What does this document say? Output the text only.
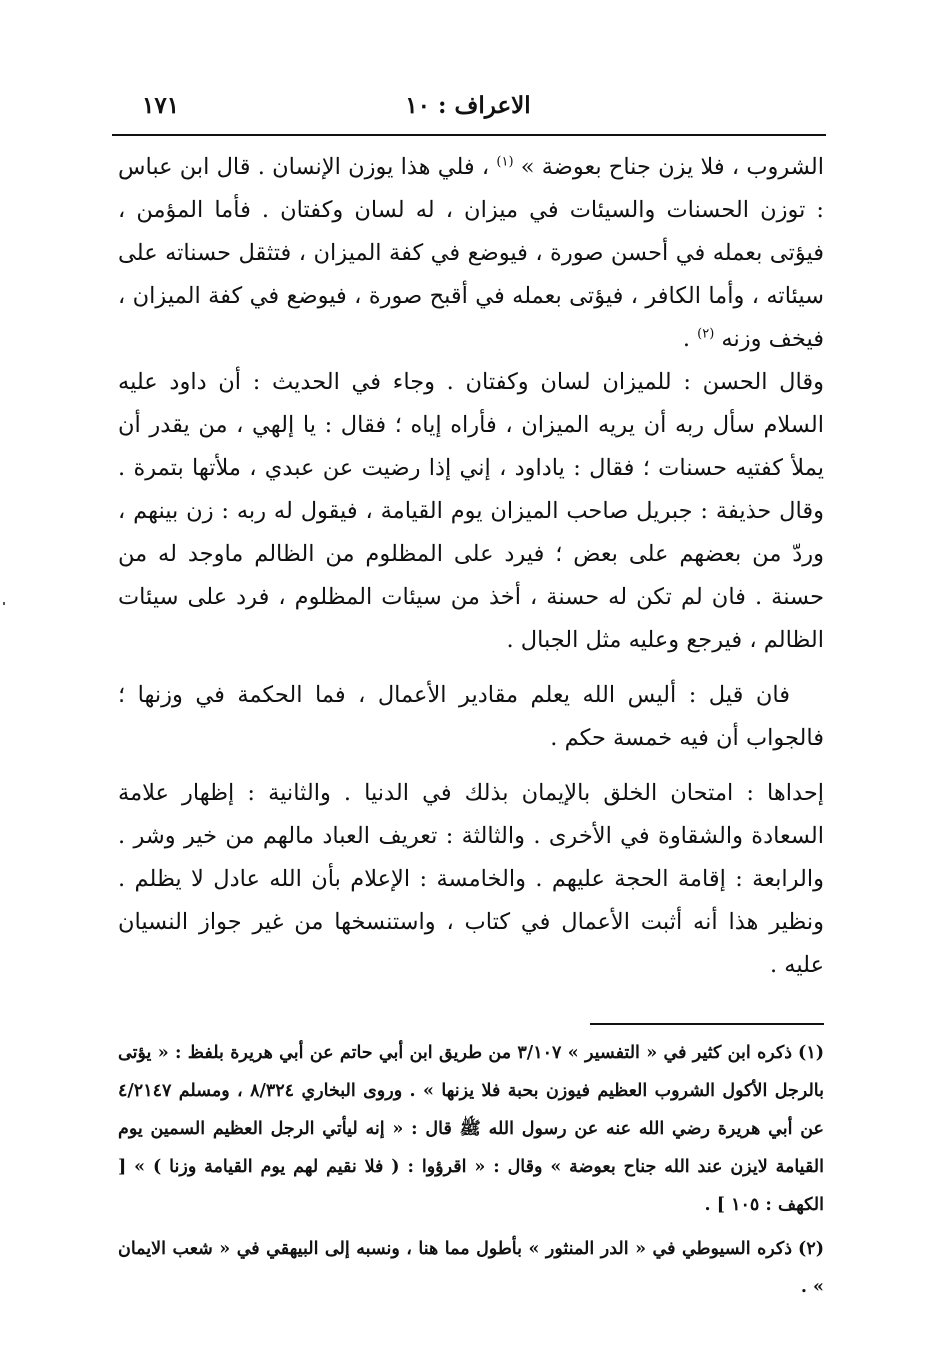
الاعراف : ١٠
١٧١

الشروب ، فلا يزن جناح بعوضة » $^{(١)}$ ، فلي هذا يوزن الإنسان . قال ابن عباس : توزن الحسنات والسيئات في ميزان ، له لسان وكفتان . فأما المؤمن ، فيؤتى بعمله في أحسن صورة ، فيوضع في كفة الميزان ، فتثقل حسناته على سيئاته ، وأما الكافر ، فيؤتى بعمله في أقبح صورة ، فيوضع في كفة الميزان ، فيخف وزنه $^{(٢)}$ .

وقال الحسن : للميزان لسان وكفتان . وجاء في الحديث : أن داود عليه السلام سأل ربه أن يريه الميزان ، فأراه إياه ؛ فقال : يا إلهي ، من يقدر أن يملأ كفتيه حسنات ؛ فقال : ياداود ، إني إذا رضيت عن عبدي ، ملأتها بتمرة . وقال حذيفة : جبريل صاحب الميزان يوم القيامة ، فيقول له ربه : زن بينهم ، وردّ من بعضهم على بعض ؛ فيرد على المظلوم من الظالم ماوجد له من حسنة . فان لم تكن له حسنة ، أخذ من سيئات المظلوم ، فرد على سيئات الظالم ، فيرجع وعليه مثل الجبال .

فان قيل : أليس الله يعلم مقادير الأعمال ، فما الحكمة في وزنها ؛ فالجواب أن فيه خمسة حكم .

إحداها : امتحان الخلق بالإيمان بذلك في الدنيا . والثانية : إظهار علامة السعادة والشقاوة في الأخرى . والثالثة : تعريف العباد مالهم من خير وشر . والرابعة : إقامة الحجة عليهم . والخامسة : الإعلام بأن الله عادل لا يظلم . ونظير هذا أنه أثبت الأعمال في كتاب ، واستنسخها من غير جواز النسيان عليه .

(١)ذكره ابن كثير في « التفسير » ٣/١٠٧ من طريق ابن أبي حاتم عن أبي هريرة بلفظ : « يؤتى بالرجل الأكول الشروب العظيم فيوزن بحبة فلا يزنها » . وروى البخاري ٨/٣٢٤ ، ومسلم ٤/٢١٤٧ عن أبي هريرة رضي الله عنه عن رسول الله ﷺ قال : « إنه ليأتي الرجل العظيم السمين يوم القيامة لايزن عند الله جناح بعوضة » وقال : « اقرؤوا : ( فلا نقيم لهم يوم القيامة وزنا ) » [ الكهف : ١٠٥ ] .

(٢)ذكره السيوطي في « الدر المنثور » بأطول مما هنا ، ونسبه إلى البيهقي في « شعب الايمان » .
